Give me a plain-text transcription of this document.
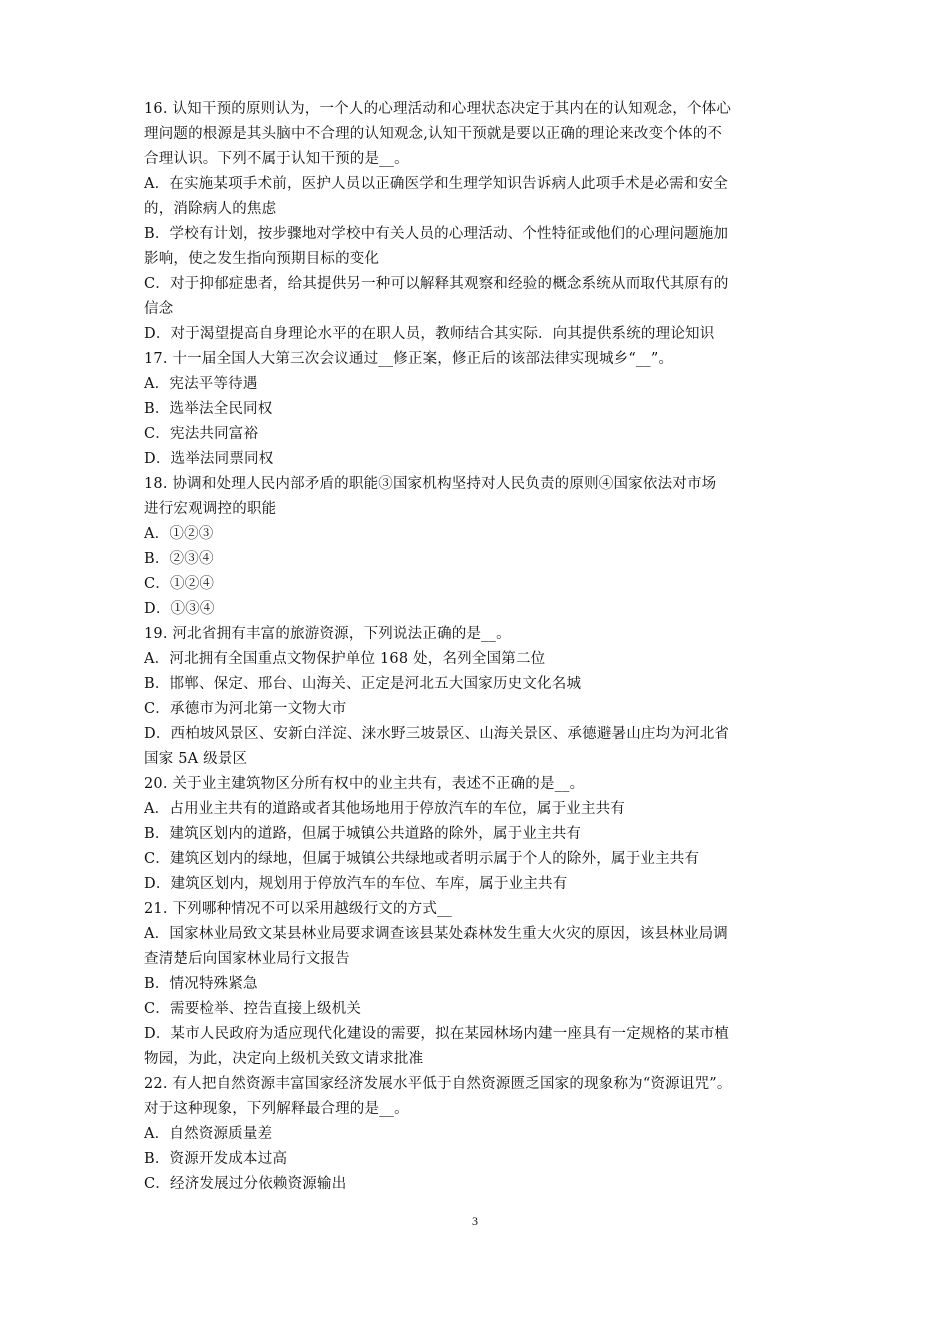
16. 认知干预的原则认为，一个人的心理活动和心理状态决定于其内在的认知观念，个体心
理问题的根源是其头脑中不合理的认知观念,认知干预就是要以正确的理论来改变个体的不
合理认识。下列不属于认知干预的是__。
A．在实施某项手术前，医护人员以正确医学和生理学知识告诉病人此项手术是必需和安全
的，消除病人的焦虑
B．学校有计划，按步骤地对学校中有关人员的心理活动、个性特征或他们的心理问题施加
影响，使之发生指向预期目标的变化
C．对于抑郁症患者，给其提供另一种可以解释其观察和经验的概念系统从而取代其原有的
信念
D．对于渴望提高自身理论水平的在职人员，教师结合其实际．向其提供系统的理论知识
17. 十一届全国人大第三次会议通过__修正案，修正后的该部法律实现城乡“__”。
A．宪法平等待遇
B．选举法全民同权
C．宪法共同富裕
D．选举法同票同权
18. 协调和处理人民内部矛盾的职能③国家机构坚持对人民负责的原则④国家依法对市场
进行宏观调控的职能
A．①②③
B．②③④
C．①②④
D．①③④
19. 河北省拥有丰富的旅游资源，下列说法正确的是__。
A．河北拥有全国重点文物保护单位 168 处，名列全国第二位
B．邯郸、保定、邢台、山海关、正定是河北五大国家历史文化名城
C．承德市为河北第一文物大市
D．西柏坡风景区、安新白洋淀、涞水野三坡景区、山海关景区、承德避暑山庄均为河北省
国家 5A 级景区
20. 关于业主建筑物区分所有权中的业主共有，表述不正确的是__。
A．占用业主共有的道路或者其他场地用于停放汽车的车位，属于业主共有
B．建筑区划内的道路，但属于城镇公共道路的除外，属于业主共有
C．建筑区划内的绿地，但属于城镇公共绿地或者明示属于个人的除外，属于业主共有
D．建筑区划内，规划用于停放汽车的车位、车库，属于业主共有
21. 下列哪种情况不可以采用越级行文的方式__
A．国家林业局致文某县林业局要求调查该县某处森林发生重大火灾的原因，该县林业局调
查清楚后向国家林业局行文报告
B．情况特殊紧急
C．需要检举、控告直接上级机关
D．某市人民政府为适应现代化建设的需要，拟在某园林场内建一座具有一定规格的某市植
物园，为此，决定向上级机关致文请求批准
22. 有人把自然资源丰富国家经济发展水平低于自然资源匮乏国家的现象称为“资源诅咒”。
对于这种现象，下列解释最合理的是__。
A．自然资源质量差
B．资源开发成本过高
C．经济发展过分依赖资源输出
3
